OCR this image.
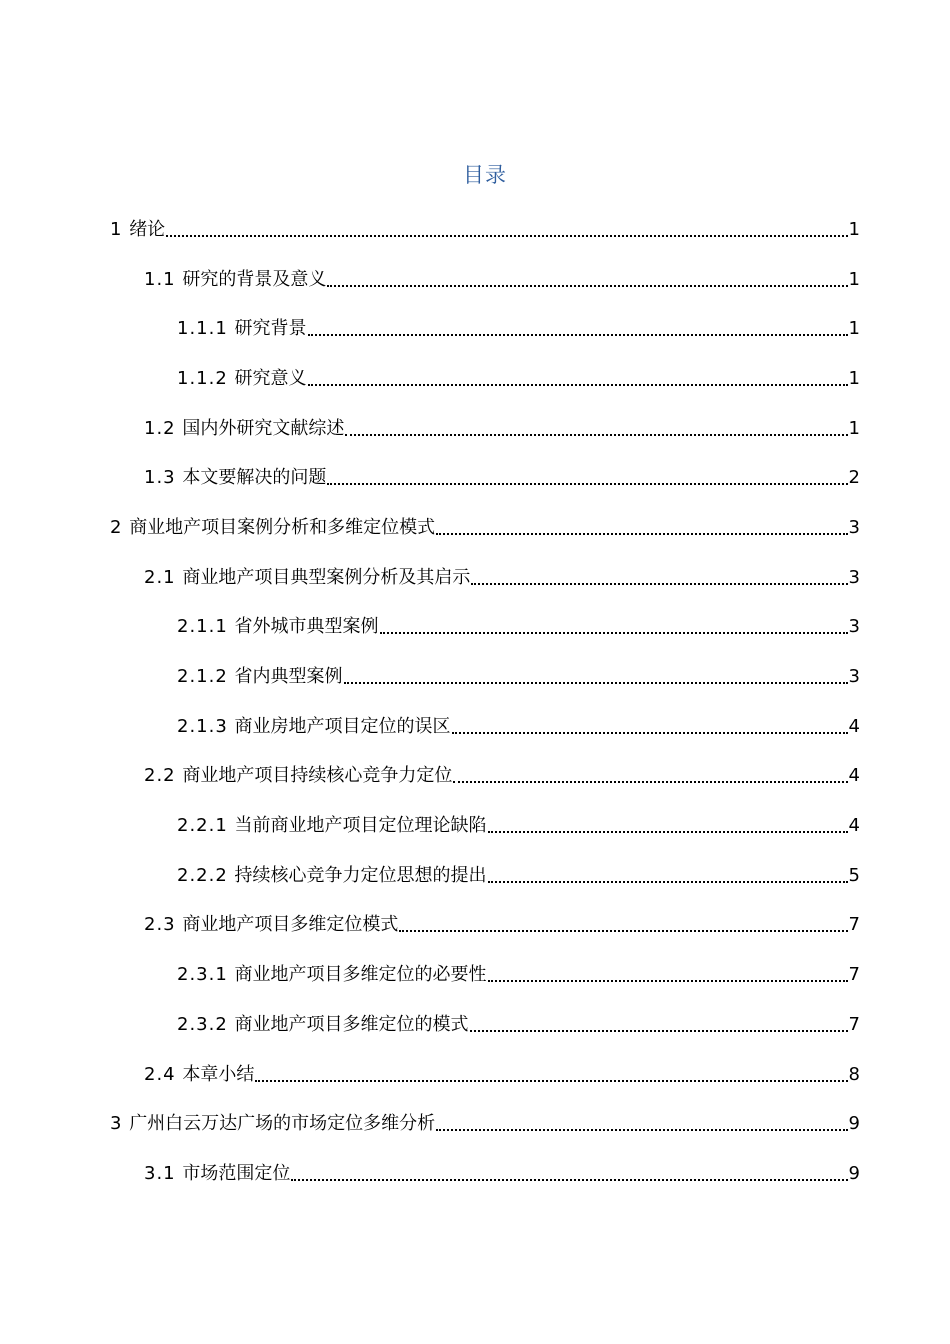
目录
1 绪论	1
1.1 研究的背景及意义	1
1.1.1 研究背景	1
1.1.2 研究意义	1
1.2 国内外研究文献综述	1
1.3 本文要解决的问题	2
2 商业地产项目案例分析和多维定位模式	3
2.1 商业地产项目典型案例分析及其启示	3
2.1.1 省外城市典型案例	3
2.1.2 省内典型案例	3
2.1.3 商业房地产项目定位的误区	4
2.2 商业地产项目持续核心竞争力定位	4
2.2.1 当前商业地产项目定位理论缺陷	4
2.2.2 持续核心竞争力定位思想的提出	5
2.3 商业地产项目多维定位模式	7
2.3.1 商业地产项目多维定位的必要性	7
2.3.2 商业地产项目多维定位的模式	7
2.4 本章小结	8
3 广州白云万达广场的市场定位多维分析	9
3.1 市场范围定位	9
